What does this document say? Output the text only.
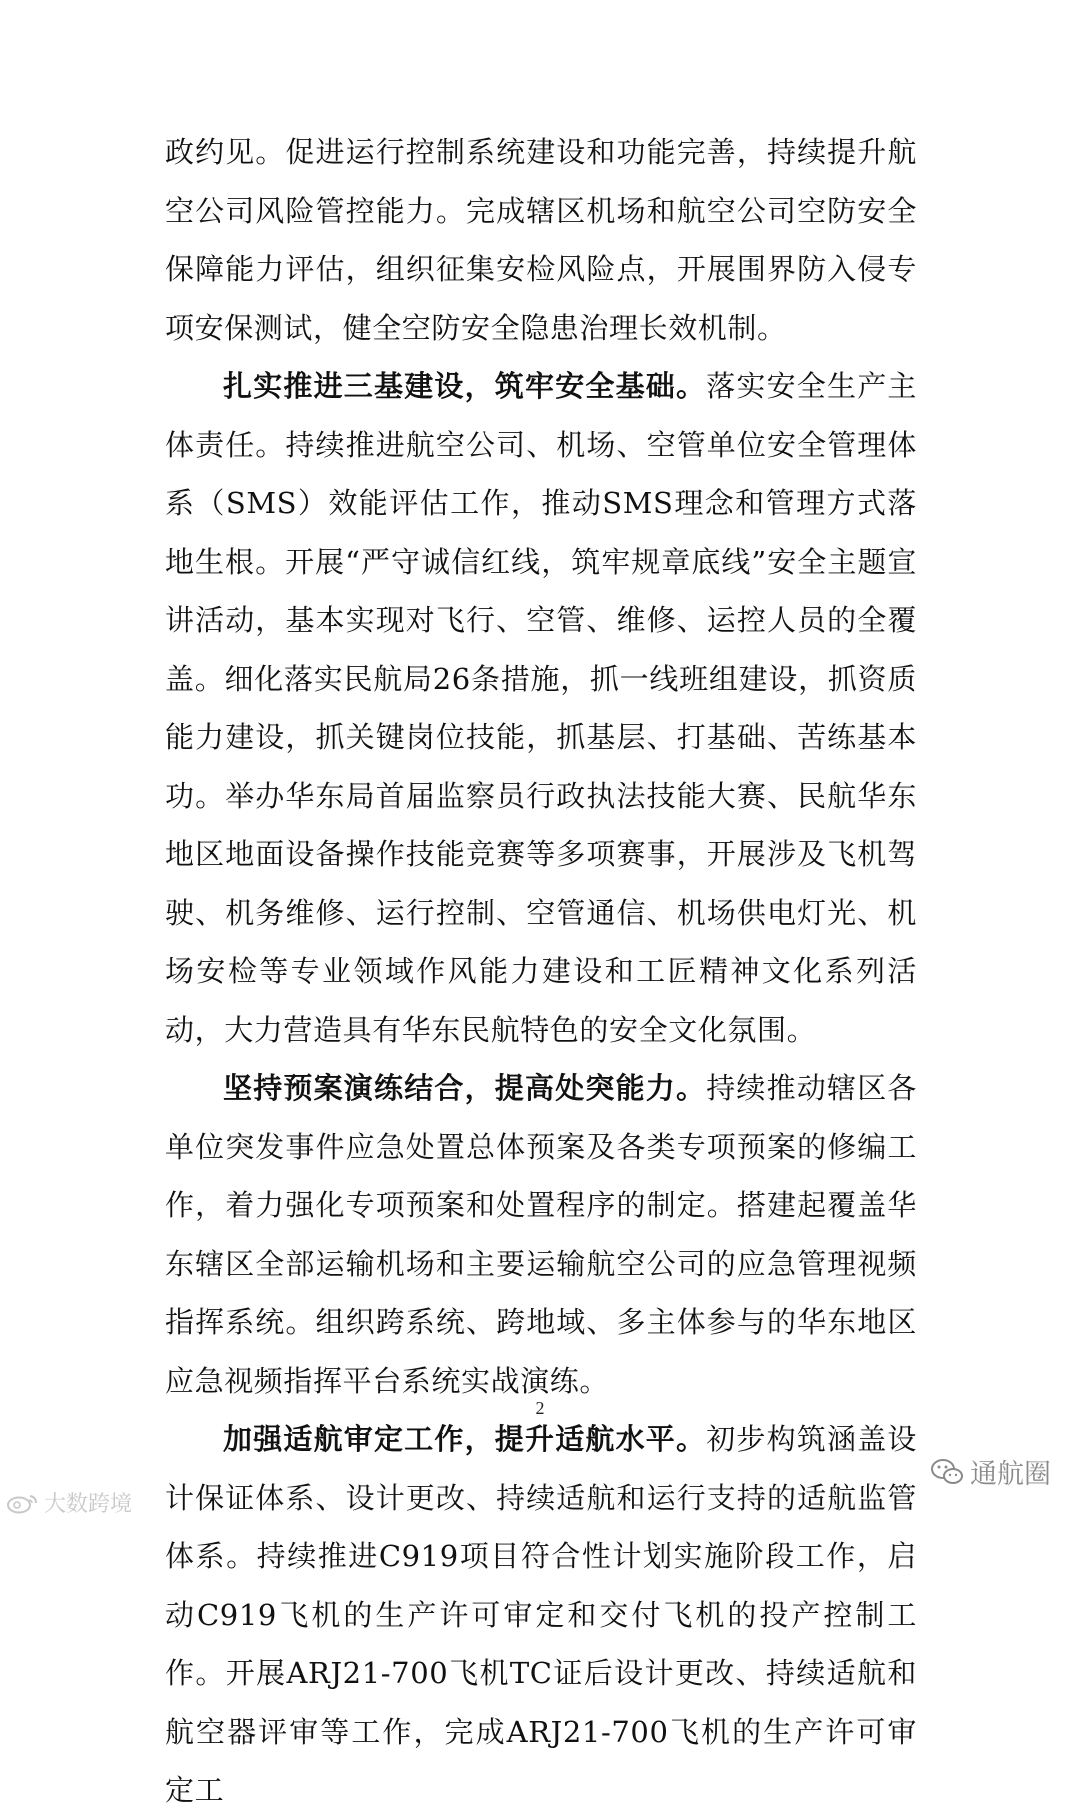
政约见。促进运行控制系统建设和功能完善，持续提升航空公司风险管控能力。完成辖区机场和航空公司空防安全保障能力评估，组织征集安检风险点，开展围界防入侵专项安保测试，健全空防安全隐患治理长效机制。

扎实推进三基建设，筑牢安全基础。落实安全生产主体责任。持续推进航空公司、机场、空管单位安全管理体系（SMS）效能评估工作，推动SMS理念和管理方式落地生根。开展“严守诚信红线，筑牢规章底线”安全主题宣讲活动，基本实现对飞行、空管、维修、运控人员的全覆盖。细化落实民航局26条措施，抓一线班组建设，抓资质能力建设，抓关键岗位技能，抓基层、打基础、苦练基本功。举办华东局首届监察员行政执法技能大赛、民航华东地区地面设备操作技能竞赛等多项赛事，开展涉及飞机驾驶、机务维修、运行控制、空管通信、机场供电灯光、机场安检等专业领域作风能力建设和工匠精神文化系列活动，大力营造具有华东民航特色的安全文化氛围。

坚持预案演练结合，提高处突能力。持续推动辖区各单位突发事件应急处置总体预案及各类专项预案的修编工作，着力强化专项预案和处置程序的制定。搭建起覆盖华东辖区全部运输机场和主要运输航空公司的应急管理视频指挥系统。组织跨系统、跨地域、多主体参与的华东地区应急视频指挥平台系统实战演练。

加强适航审定工作，提升适航水平。初步构筑涵盖设计保证体系、设计更改、持续适航和运行支持的适航监管体系。持续推进C919项目符合性计划实施阶段工作，启动C919飞机的生产许可审定和交付飞机的投产控制工作。开展ARJ21-700飞机TC证后设计更改、持续适航和航空器评审等工作，完成ARJ21-700飞机的生产许可审定工

2
大数跨境
通航圈
